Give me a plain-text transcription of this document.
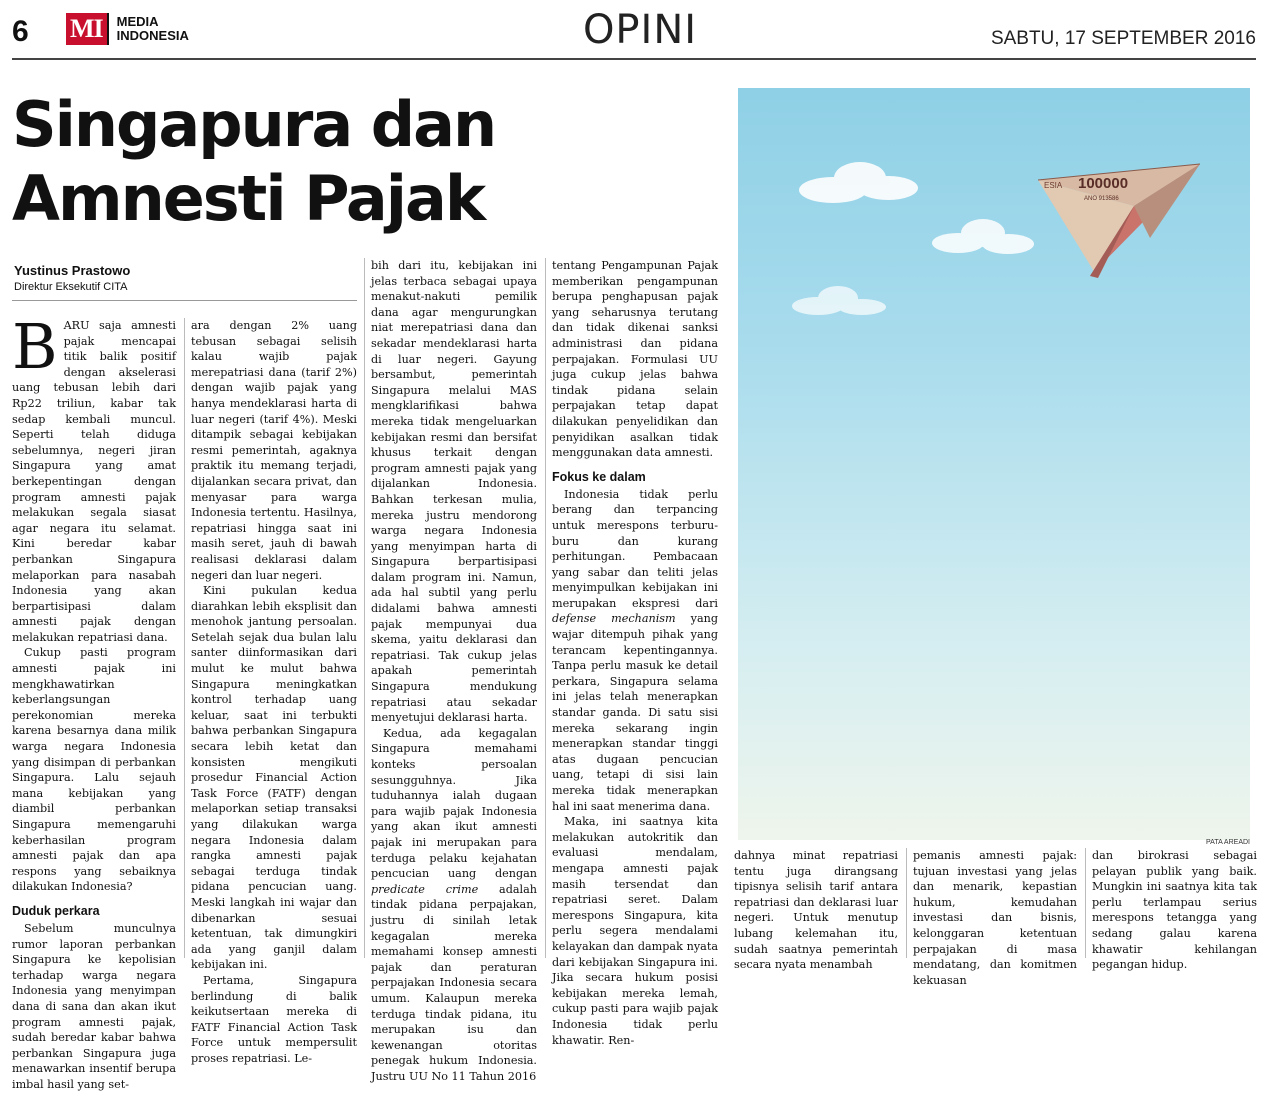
6 MI	MEDIA
INDONESIA	OPINI	SABTU, 17 SEPTEMBER 2016
Singapura dan
Amnesti Pajak
Yustinus Prastowo
Direktur Eksekutif CITA

BARU saja amnesti pajak mencapai titik balik positif dengan akselerasi uang tebusan lebih dari Rp22 triliun, kabar tak sedap kembali muncul. Seperti telah diduga sebelumnya, negeri jiran Singapura yang amat berkepentingan dengan program amnesti pajak melakukan segala siasat agar negara itu selamat. Kini beredar kabar perbankan Singapura melaporkan para nasabah Indonesia yang akan berpartisipasi dalam amnesti pajak dengan melakukan repatriasi dana.

Cukup pasti program amnesti pajak ini mengkhawatirkan keberlangsungan perekonomian mereka karena besarnya dana milik warga negara Indonesia yang disimpan di perbankan Singapura. Lalu sejauh mana kebijakan yang diambil perbankan Singapura memengaruhi keberhasilan program amnesti pajak dan apa respons yang sebaiknya dilakukan Indonesia?

Duduk perkara

Sebelum munculnya rumor laporan perbankan Singapura ke kepolisian terhadap warga negara Indonesia yang menyimpan dana di sana dan akan ikut program amnesti pajak, sudah beredar kabar bahwa perbankan Singapura juga menawarkan insentif berupa imbal hasil yang set-

ara dengan 2% uang tebusan sebagai selisih kalau wajib pajak merepatriasi dana (tarif 2%) dengan wajib pajak yang hanya mendeklarasi harta di luar negeri (tarif 4%). Meski ditampik sebagai kebijakan resmi pemerintah, agaknya praktik itu memang terjadi, dijalankan secara privat, dan menyasar para warga Indonesia tertentu. Hasilnya, repatriasi hingga saat ini masih seret, jauh di bawah realisasi deklarasi dalam negeri dan luar negeri.

Kini pukulan kedua diarahkan lebih eksplisit dan menohok jantung persoalan. Setelah sejak dua bulan lalu santer diinformasikan dari mulut ke mulut bahwa Singapura meningkatkan kontrol terhadap uang keluar, saat ini terbukti bahwa perbankan Singapura secara lebih ketat dan konsisten mengikuti prosedur Financial Action Task Force (FATF) dengan melaporkan setiap transaksi yang dilakukan warga negara Indonesia dalam rangka amnesti pajak sebagai terduga tindak pidana pencucian uang. Meski langkah ini wajar dan dibenarkan sesuai ketentuan, tak dimungkiri ada yang ganjil dalam kebijakan ini.

Pertama, Singapura berlindung di balik keikutsertaan mereka di FATF Financial Action Task Force untuk mempersulit proses repatriasi. Le-

bih dari itu, kebijakan ini jelas terbaca sebagai upaya menakut-nakuti pemilik dana agar mengurungkan niat merepatriasi dana dan sekadar mendeklarasi harta di luar negeri. Gayung bersambut, pemerintah Singapura melalui MAS mengklarifikasi bahwa mereka tidak mengeluarkan kebijakan resmi dan bersifat khusus terkait dengan program amnesti pajak yang dijalankan Indonesia. Bahkan terkesan mulia, mereka justru mendorong warga negara Indonesia yang menyimpan harta di Singapura berpartisipasi dalam program ini. Namun, ada hal subtil yang perlu didalami bahwa amnesti pajak mempunyai dua skema, yaitu deklarasi dan repatriasi. Tak cukup jelas apakah pemerintah Singapura mendukung repatriasi atau sekadar menyetujui deklarasi harta.

Kedua, ada kegagalan Singapura memahami konteks persoalan sesungguhnya. Jika tuduhannya ialah dugaan para wajib pajak Indonesia yang akan ikut amnesti pajak ini merupakan para terduga pelaku kejahatan pencucian uang dengan predicate crime adalah tindak pidana perpajakan, justru di sinilah letak kegagalan mereka memahami konsep amnesti pajak dan peraturan perpajakan Indonesia secara umum. Kalaupun mereka terduga tindak pidana, itu merupakan isu dan kewenangan otoritas penegak hukum Indonesia. Justru UU No 11 Tahun 2016

tentang Pengampunan Pajak memberikan pengampunan berupa penghapusan pajak yang seharusnya terutang dan tidak dikenai sanksi administrasi dan pidana perpajakan. Formulasi UU juga cukup jelas bahwa tindak pidana selain perpajakan tetap dapat dilakukan penyelidikan dan penyidikan asalkan tidak menggunakan data amnesti.

Fokus ke dalam

Indonesia tidak perlu berang dan terpancing untuk merespons terburu-buru dan kurang perhitungan. Pembacaan yang sabar dan teliti jelas menyimpulkan kebijakan ini merupakan ekspresi dari defense mechanism yang wajar ditempuh pihak yang terancam kepentingannya. Tanpa perlu masuk ke detail perkara, Singapura selama ini jelas telah menerapkan standar ganda. Di satu sisi mereka sekarang ingin menerapkan standar tinggi atas dugaan pencucian uang, tetapi di sisi lain mereka tidak menerapkan hal ini saat menerima dana.

Maka, ini saatnya kita melakukan autokritik dan evaluasi mendalam, mengapa amnesti pajak masih tersendat dan repatriasi seret. Dalam merespons Singapura, kita perlu segera mendalami kelayakan dan dampak nyata dari kebijakan Singapura ini. Jika secara hukum posisi kebijakan mereka lemah, cukup pasti para wajib pajak Indonesia tidak perlu khawatir. Ren-

100000
ANO 913586
ESIA
PATA AREADI

dahnya minat repatriasi tentu juga dirangsang tipisnya selisih tarif antara repatriasi dan deklarasi luar negeri. Untuk menutup lubang kelemahan itu, sudah saatnya pemerintah secara nyata menambah

pemanis amnesti pajak: tujuan investasi yang jelas dan menarik, kepastian hukum, kemudahan investasi dan bisnis, kelonggaran ketentuan perpajakan di masa mendatang, dan komitmen kekuasan

dan birokrasi sebagai pelayan publik yang baik. Mungkin ini saatnya kita tak perlu terlampau serius merespons tetangga yang sedang galau karena khawatir kehilangan pegangan hidup.
